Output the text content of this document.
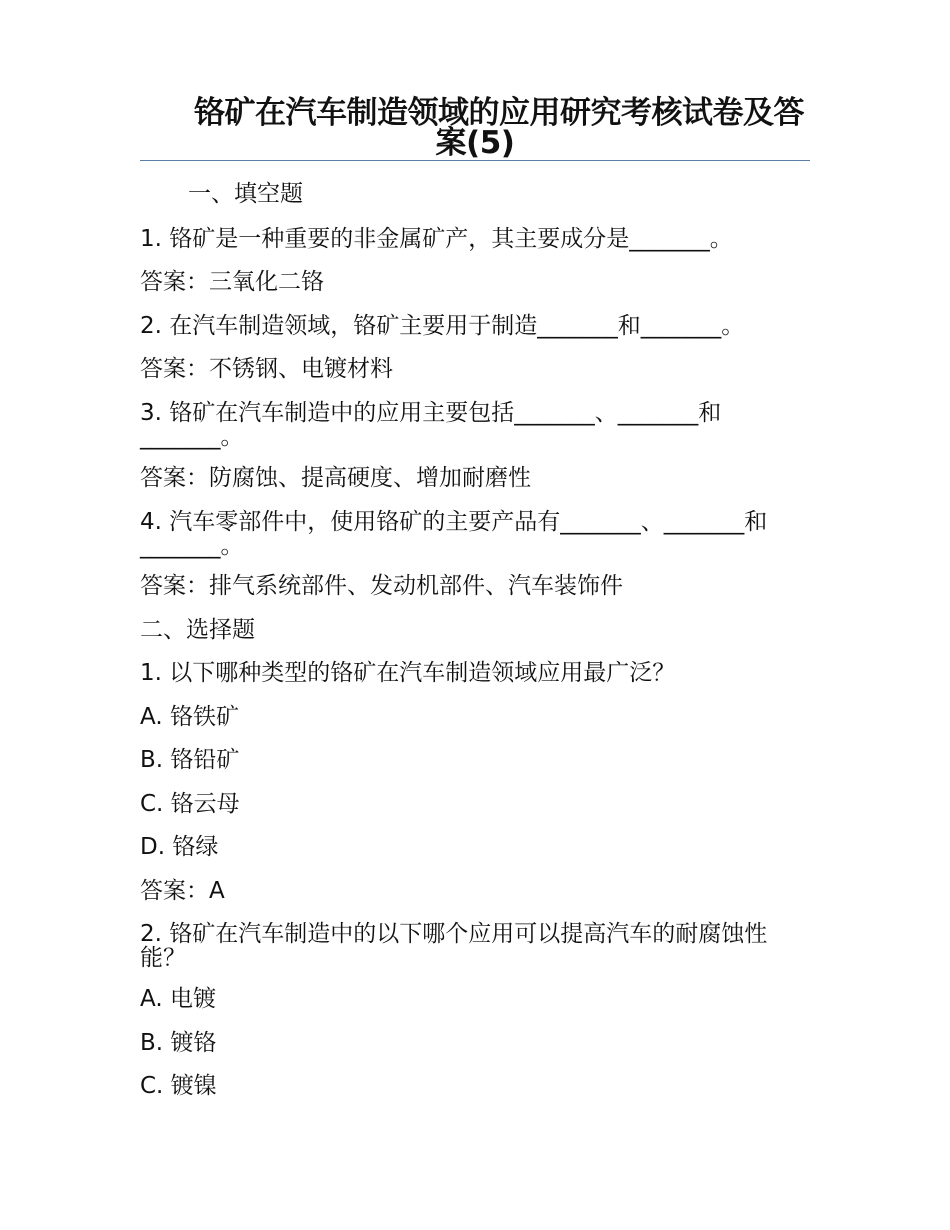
铬矿在汽车制造领域的应用研究考核试卷及答案(5)
一、填空题
1. 铬矿是一种重要的非金属矿产，其主要成分是_______。
答案：三氧化二铬
2. 在汽车制造领域，铬矿主要用于制造_______和_______。
答案：不锈钢、电镀材料
3. 铬矿在汽车制造中的应用主要包括_______、_______和_______。
答案：防腐蚀、提高硬度、增加耐磨性
4. 汽车零部件中，使用铬矿的主要产品有_______、_______和_______。
答案：排气系统部件、发动机部件、汽车装饰件
二、选择题
1. 以下哪种类型的铬矿在汽车制造领域应用最广泛？
A. 铬铁矿
B. 铬铅矿
C. 铬云母
D. 铬绿
答案：A
2. 铬矿在汽车制造中的以下哪个应用可以提高汽车的耐腐蚀性能？
A. 电镀
B. 镀铬
C. 镀镍
